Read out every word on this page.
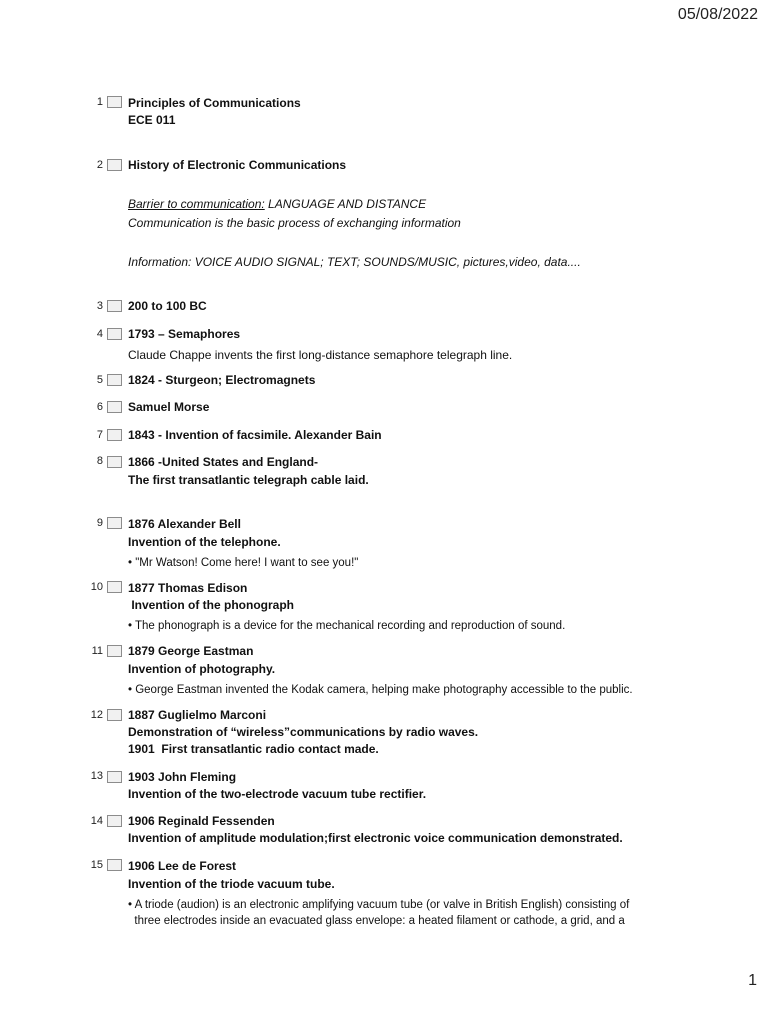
05/08/2022
1 Principles of Communications
ECE 011
2 History of Electronic Communications
Barrier to communication: LANGUAGE AND DISTANCE
Communication is the basic process of exchanging information
Information: VOICE AUDIO SIGNAL; TEXT; SOUNDS/MUSIC, pictures,video, data....
3 200 to 100 BC
4 1793 – Semaphores
Claude Chappe invents the first long-distance semaphore telegraph line.
5 1824 - Sturgeon; Electromagnets
6 Samuel Morse
7 1843 - Invention of facsimile. Alexander Bain
8 1866 -United States and England-
The first transatlantic telegraph cable laid.
9 1876 Alexander Bell
Invention of the telephone.
• "Mr Watson! Come here! I want to see you!"
10 1877 Thomas Edison
Invention of the phonograph
• The phonograph is a device for the mechanical recording and reproduction of sound.
11 1879 George Eastman
Invention of photography.
• George Eastman invented the Kodak camera, helping make photography accessible to the public.
12 1887 Guglielmo Marconi
Demonstration of “wireless”communications by radio waves.
1901  First transatlantic radio contact made.
13 1903 John Fleming
Invention of the two-electrode vacuum tube rectifier.
14 1906 Reginald Fessenden
Invention of amplitude modulation;first electronic voice communication demonstrated.
15 1906 Lee de Forest
Invention of the triode vacuum tube.
• A triode (audion) is an electronic amplifying vacuum tube (or valve in British English) consisting of
three electrodes inside an evacuated glass envelope: a heated filament or cathode, a grid, and a
1
